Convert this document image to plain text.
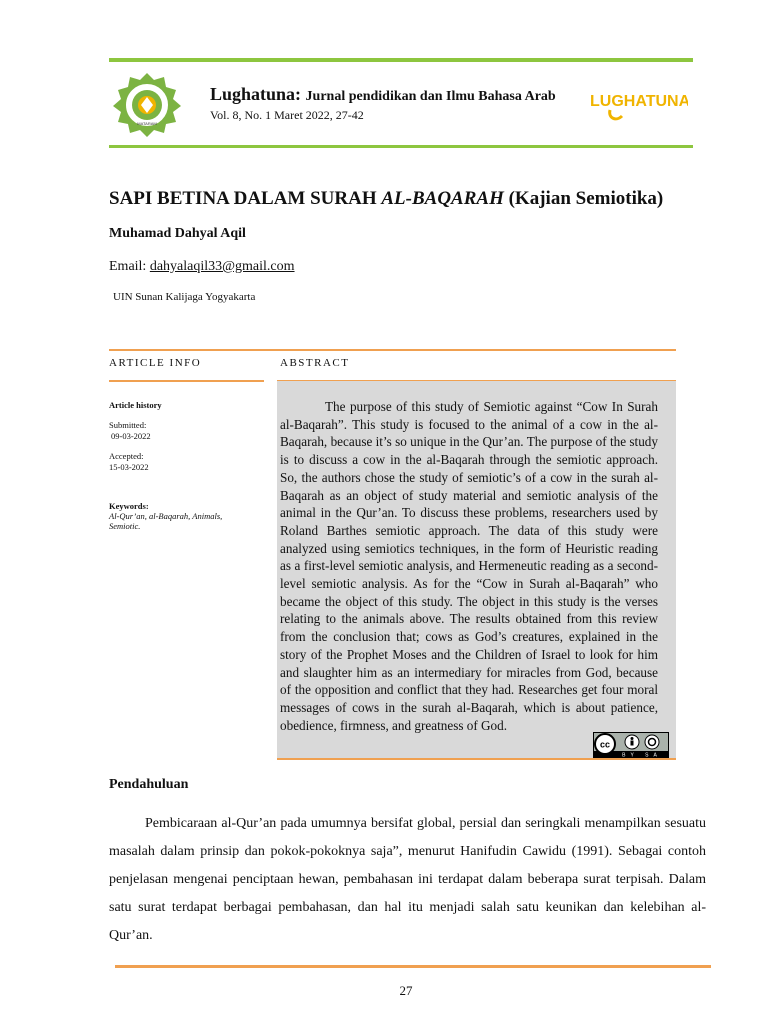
MATARAM
Lughatuna: Jurnal pendidikan dan Ilmu Bahasa Arab
Vol. 8, No. 1 Maret 2022, 27-42
LUGHATUNA
SAPI BETINA DALAM SURAH AL-BAQARAH (Kajian Semiotika)
Muhamad Dahyal Aqil
Email: dahyalaqil33@gmail.com
UIN Sunan Kalijaga Yogyakarta
ARTICLE INFO	ABSTRACT
Article history
Submitted:
09-03-2022
Accepted:
15-03-2022
Keywords:
Al-Qur’an, al-Baqarah, Animals,
Semiotic.

The purpose of this study of Semiotic against “Cow In Surah al-Baqarah”. This study is focused to the animal of a cow in the al-Baqarah, because it’s so unique in the Qur’an. The purpose of the study is to discuss a cow in the al-Baqarah through the semiotic approach. So, the authors chose the study of semiotic’s of a cow in the surah al-Baqarah as an object of study material and semiotic analysis of the animal in the Qur’an. To discuss these problems, researchers used by Roland Barthes semiotic approach. The data of this study were analyzed using semiotics techniques, in the form of Heuristic reading as a first-level semiotic analysis, and Hermeneutic reading as a second-level semiotic analysis. As for the “Cow in Surah al-Baqarah” who became the object of this study. The object in this study is the verses relating to the animals above. The results obtained from this review from the conclusion that; cows as God’s creatures, explained in the story of the Prophet Moses and the Children of Israel to look for him and slaughter him as an intermediary for miracles from God, because of the opposition and conflict that they had. Researches get four moral messages of cows in the surah al-Baqarah, which is about patience, obedience, firmness, and greatness of God.

cc
BY SA
Pendahuluan

Pembicaraan al-Qur’an pada umumnya bersifat global, persial dan seringkali menampilkan sesuatu masalah dalam prinsip dan pokok-pokoknya saja”, menurut Hanifudin Cawidu (1991). Sebagai contoh penjelasan mengenai penciptaan hewan, pembahasan ini terdapat dalam beberapa surat terpisah. Dalam satu surat terdapat berbagai pembahasan, dan hal itu menjadi salah satu keunikan dan kelebihan al-Qur’an.

27
